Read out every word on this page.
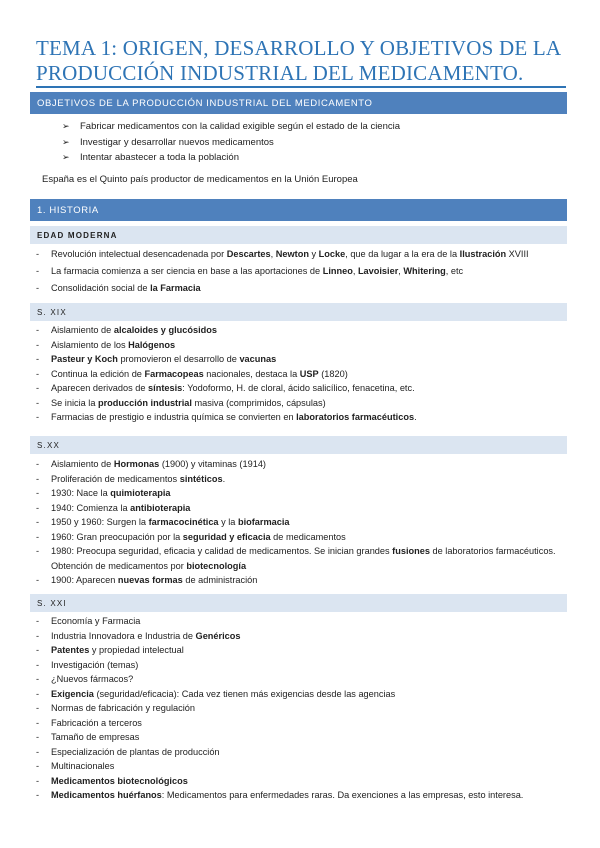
TEMA 1: ORIGEN, DESARROLLO Y OBJETIVOS DE LA
PRODUCCIÓN INDUSTRIAL DEL MEDICAMENTO.
OBJETIVOS DE LA PRODUCCIÓN INDUSTRIAL DEL MEDICAMENTO
➢ Fabricar medicamentos con la calidad exigible según el estado de la ciencia
➢ Investigar y desarrollar nuevos medicamentos
➢ Intentar abastecer a toda la población
España es el Quinto país productor de medicamentos en la Unión Europea
1. HISTORIA
EDAD MODERNA
- Revolución intelectual desencadenada por Descartes, Newton y Locke, que da lugar a la era de la Ilustración XVIII
- La farmacia comienza a ser ciencia en base a las aportaciones de Linneo, Lavoisier, Whitering, etc
- Consolidación social de la Farmacia
S. XIX
- Aislamiento de alcaloides y glucósidos
- Aislamiento de los Halógenos
- Pasteur y Koch promovieron el desarrollo de vacunas
- Continua la edición de Farmacopeas nacionales, destaca la USP (1820)
- Aparecen derivados de síntesis: Yodoformo, H. de cloral, ácido salicílico, fenacetina, etc.
- Se inicia la producción industrial masiva (comprimidos, cápsulas)
- Farmacias de prestigio e industria química se convierten en laboratorios farmacéuticos.
S.XX
- Aislamiento de Hormonas (1900) y vitaminas (1914)
- Proliferación de medicamentos sintéticos.
- 1930: Nace la quimioterapia
- 1940: Comienza la antibioterapia
- 1950 y 1960: Surgen la farmacocinética y la biofarmacia
- 1960: Gran preocupación por la seguridad y eficacia de medicamentos
- 1980: Preocupa seguridad, eficacia y calidad de medicamentos. Se inician grandes fusiones de laboratorios farmacéuticos. Obtención de medicamentos por biotecnología
- 1900: Aparecen nuevas formas de administración
S. XXI
- Economía y Farmacia
- Industria Innovadora e Industria de Genéricos
- Patentes y propiedad intelectual
- Investigación (temas)
- ¿Nuevos fármacos?
- Exigencia (seguridad/eficacia): Cada vez tienen más exigencias desde las agencias
- Normas de fabricación y regulación
- Fabricación a terceros
- Tamaño de empresas
- Especialización de plantas de producción
- Multinacionales
- Medicamentos biotecnológicos
- Medicamentos huérfanos: Medicamentos para enfermedades raras. Da exenciones a las empresas, esto interesa.
